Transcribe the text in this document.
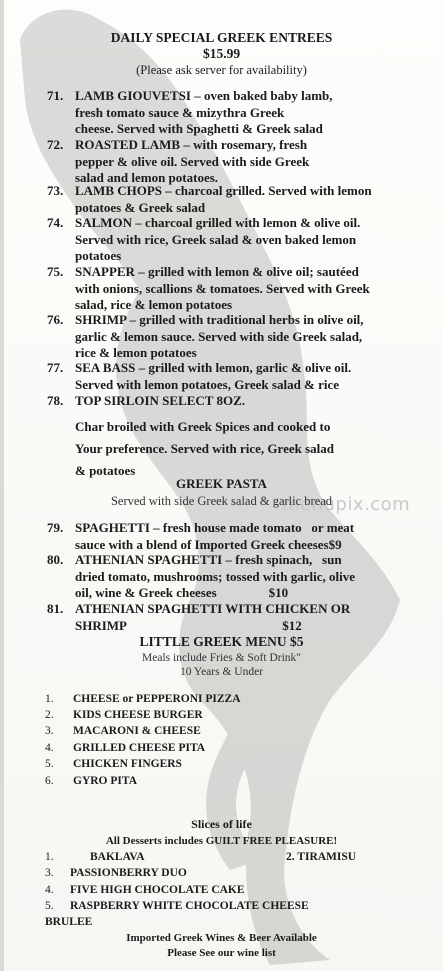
menupix.com
DAILY SPECIAL GREEK ENTREES
$15.99
(Please ask server for availability)
71. LAMB GIOUVETSI – oven baked baby lamb,
fresh tomato sauce & mizythra Greek
cheese. Served with Spaghetti & Greek salad
72. ROASTED LAMB – with rosemary, fresh
pepper & olive oil. Served with side Greek
salad and lemon potatoes.
73. LAMB CHOPS – charcoal grilled. Served with lemon
potatoes & Greek salad
74. SALMON – charcoal grilled with lemon & olive oil.
Served with rice, Greek salad & oven baked lemon
potatoes
75. SNAPPER – grilled with lemon & olive oil; sautéed
with onions, scallions & tomatoes. Served with Greek
salad, rice & lemon potatoes
76. SHRIMP – grilled with traditional herbs in olive oil,
garlic & lemon sauce. Served with side Greek salad,
rice & lemon potatoes
77. SEA BASS – grilled with lemon, garlic & olive oil.
Served with lemon potatoes, Greek salad & rice
78. TOP SIRLOIN SELECT 8OZ.
Char broiled with Greek Spices and cooked to
Your preference. Served with rice, Greek salad
& potatoes
GREEK PASTA
Served with side Greek salad & garlic bread
79. SPAGHETTI – fresh house made tomato   or meat
sauce with a blend of Imported Greek cheeses$9
80. ATHENIAN SPAGHETTI – fresh spinach,   sun
dried tomato, mushrooms; tossed with garlic, olive
oil, wine & Greek cheeses                $10
81. ATHENIAN SPAGHETTI WITH CHICKEN OR
SHRIMP                                                $12
LITTLE GREEK MENU $5
Meals include Fries & Soft Drink"
10 Years & Under
1.	CHEESE or PEPPERONI PIZZA
2.	KIDS CHEESE BURGER
3.	MACARONI & CHEESE
4.	GRILLED CHEESE PITA
5.	CHICKEN FINGERS
6.	GYRO PITA
Slices of life
All Desserts includes GUILT FREE PLEASURE!
1.	BAKLAVA	2. TIRAMISU
3. PASSIONBERRY DUO
4. FIVE HIGH CHOCOLATE CAKE
5. RASPBERRY WHITE CHOCOLATE CHEESE
BRULEE
Imported Greek Wines & Beer Available
Please See our wine list
